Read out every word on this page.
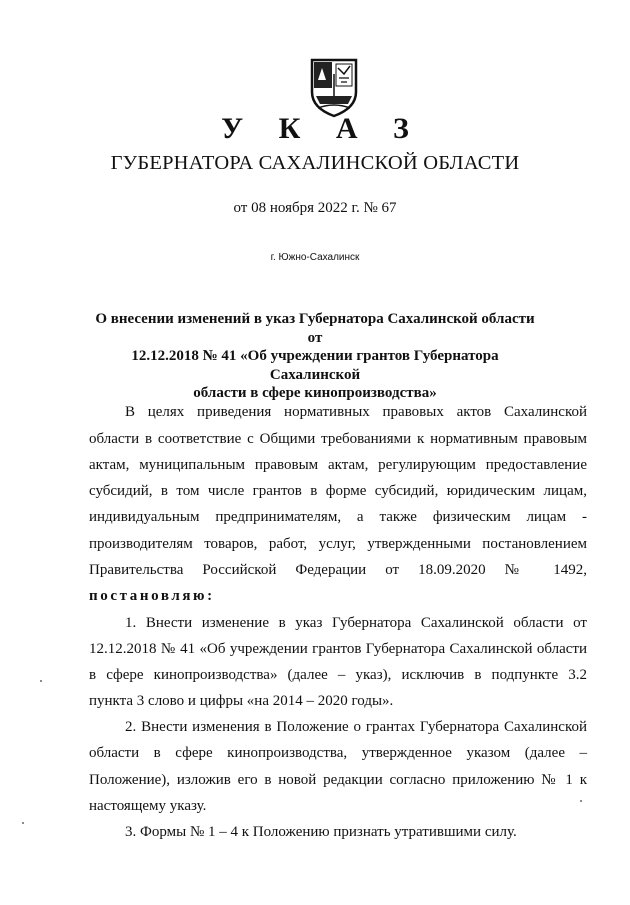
У К А З
ГУБЕРНАТОРА САХАЛИНСКОЙ ОБЛАСТИ
от 08 ноября 2022 г. № 67
г. Южно-Сахалинск
О внесении изменений в указ Губернатора Сахалинской области от
12.12.2018 № 41 «Об учреждении грантов Губернатора Сахалинской
области в сфере кинопроизводства»
В целях приведения нормативных правовых актов Сахалинской
области в соответствие с Общими требованиями к нормативным правовым
актам, муниципальным правовым актам, регулирующим предоставление
субсидий, в том числе грантов в форме субсидий, юридическим лицам,
индивидуальным предпринимателям, а также физическим лицам -
производителям товаров, работ, услуг, утвержденными постановлением
Правительства Российской Федерации от 18.09.2020 № 1492,
постановляю:
1. Внести изменение в указ Губернатора Сахалинской области от
12.12.2018 № 41 «Об учреждении грантов Губернатора Сахалинской области
в сфере кинопроизводства» (далее – указ), исключив в подпункте 3.2
пункта 3 слово и цифры «на 2014 – 2020 годы».
2. Внести изменения в Положение о грантах Губернатора Сахалинской
области в сфере кинопроизводства, утвержденное указом (далее –
Положение), изложив его в новой редакции согласно приложению № 1 к
настоящему указу.
3. Формы № 1 – 4 к Положению признать утратившими силу.
